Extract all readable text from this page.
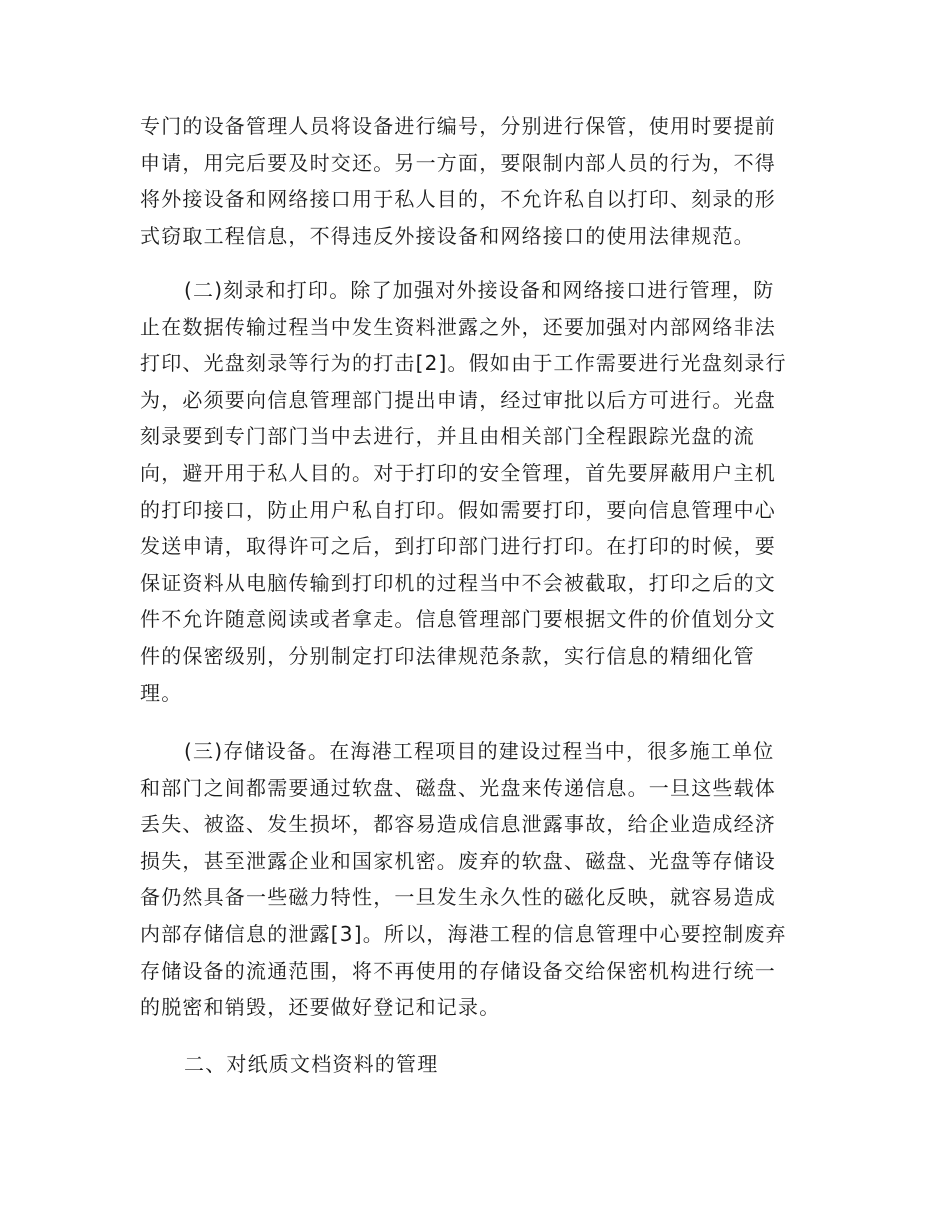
专门的设备管理人员将设备进行编号，分别进行保管，使用时要提前
申请，用完后要及时交还。另一方面，要限制内部人员的行为，不得
将外接设备和网络接口用于私人目的，不允许私自以打印、刻录的形
式窃取工程信息，不得违反外接设备和网络接口的使用法律规范。
(二)刻录和打印。除了加强对外接设备和网络接口进行管理，防
止在数据传输过程当中发生资料泄露之外，还要加强对内部网络非法
打印、光盘刻录等行为的打击[2]。假如由于工作需要进行光盘刻录行
为，必须要向信息管理部门提出申请，经过审批以后方可进行。光盘
刻录要到专门部门当中去进行，并且由相关部门全程跟踪光盘的流
向，避开用于私人目的。对于打印的安全管理，首先要屏蔽用户主机
的打印接口，防止用户私自打印。假如需要打印，要向信息管理中心
发送申请，取得许可之后，到打印部门进行打印。在打印的时候，要
保证资料从电脑传输到打印机的过程当中不会被截取，打印之后的文
件不允许随意阅读或者拿走。信息管理部门要根据文件的价值划分文
件的保密级别，分别制定打印法律规范条款，实行信息的精细化管
理。
(三)存储设备。在海港工程项目的建设过程当中，很多施工单位
和部门之间都需要通过软盘、磁盘、光盘来传递信息。一旦这些载体
丢失、被盗、发生损坏，都容易造成信息泄露事故，给企业造成经济
损失，甚至泄露企业和国家机密。废弃的软盘、磁盘、光盘等存储设
备仍然具备一些磁力特性，一旦发生永久性的磁化反映，就容易造成
内部存储信息的泄露[3]。所以，海港工程的信息管理中心要控制废弃
存储设备的流通范围，将不再使用的存储设备交给保密机构进行统一
的脱密和销毁，还要做好登记和记录。
二、对纸质文档资料的管理
